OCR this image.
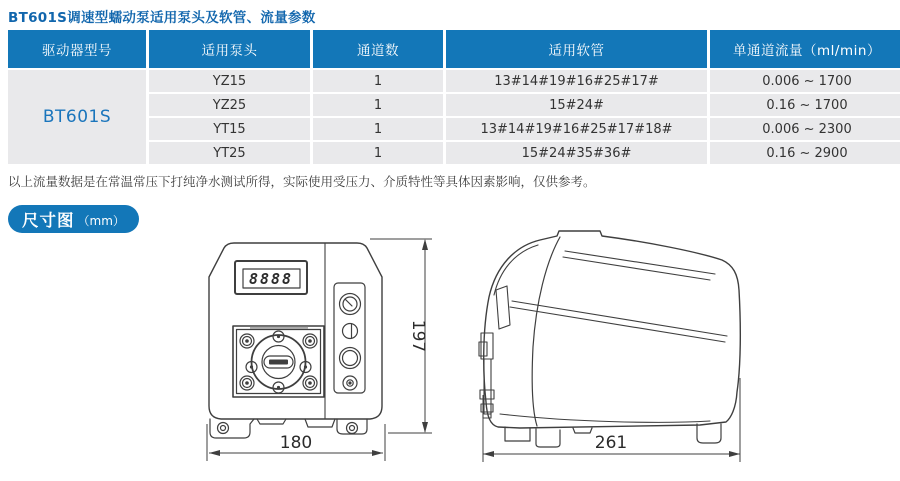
BT601S调速型蠕动泵适用泵头及软管、流量参数
驱动器型号	适用泵头	通道数	适用软管	单通道流量（ml/min）
BT601S
YZ15	1	13#14#19#16#25#17#	0.006 ~ 1700
YZ25	1	15#24#	0.16 ~ 1700
YT15	1	13#14#19#16#25#17#18#	0.006 ~ 2300
YT25	1	15#24#35#36#	0.16 ~ 2900
以上流量数据是在常温常压下打纯净水测试所得，实际使用受压力、介质特性等具体因素影响，仅供参考。
尺寸图 （mm）
8888
180
197
261
